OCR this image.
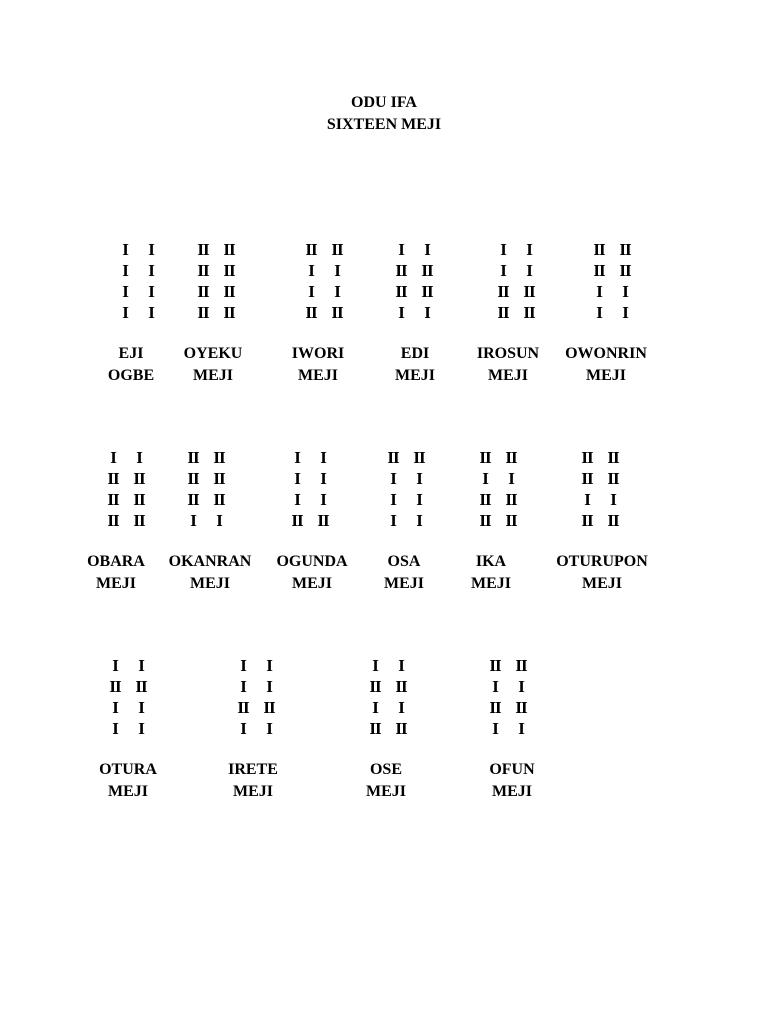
ODU IFA
SIXTEEN MEJI
I	I
I	I
I	I
I	I
EJI
OGBE
II II
II II
II II
II II
OYEKU
MEJI
II II
I	I
I	I
II II
IWORI
MEJI
I	I
II II
II II
I	I
EDI
MEJI
I	I
I	I
II II
II II
IROSUN
MEJI
II II
II II
I	I
I	I
OWONRIN
MEJI
I	I
II II
II II
II II
OBARA
MEJI
II II
II II
II II
I	I
OKANRAN
MEJI
I	I
I	I
I	I
II II
OGUNDA
MEJI
II II
I	I
I	I
I	I
OSA
MEJI
II II
I	I
II II
II II
IKA
MEJI
II II
II II
I	I
II II
OTURUPON
MEJI
I	I
II II
I	I
I	I
OTURA
MEJI
I	I
I	I
II II
I	I
IRETE
MEJI
I	I
II II
I	I
II II
OSE
MEJI
II II
I	I
II II
I	I
OFUN
MEJI
